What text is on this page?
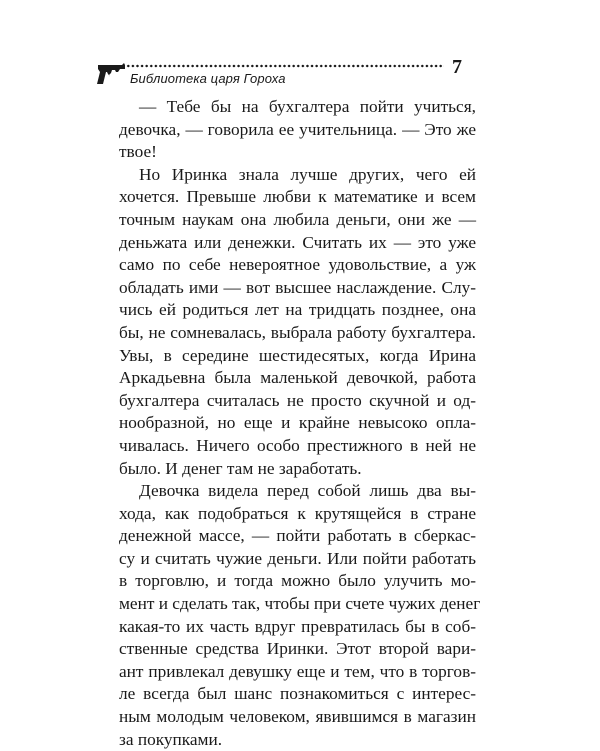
Библиотека царя Гороха
7
— Тебе бы на бухгалтера пойти учиться,
девочка, — говорила ее учительница. — Это же
твое!
Но Иринка знала лучше других, чего ей
хочется. Превыше любви к математике и всем
точным наукам она любила деньги, они же —
деньжата или денежки. Считать их — это уже
само по себе невероятное удовольствие, а уж
обладать ими — вот высшее наслаждение. Слу-
чись ей родиться лет на тридцать позднее, она
бы, не сомневалась, выбрала работу бухгалтера.
Увы, в середине шестидесятых, когда Ирина
Аркадьевна была маленькой девочкой, работа
бухгалтера считалась не просто скучной и од-
нообразной, но еще и крайне невысоко опла-
чивалась. Ничего особо престижного в ней не
было. И денег там не заработать.
Девочка видела перед собой лишь два вы-
хода, как подобраться к крутящейся в стране
денежной массе, — пойти работать в сберкас-
су и считать чужие деньги. Или пойти работать
в торговлю, и тогда можно было улучить мо-
мент и сделать так, чтобы при счете чужих денег
какая-то их часть вдруг превратилась бы в соб-
ственные средства Иринки. Этот второй вари-
ант привлекал девушку еще и тем, что в торгов-
ле всегда был шанс познакомиться с интерес-
ным молодым человеком, явившимся в магазин
за покупками.
